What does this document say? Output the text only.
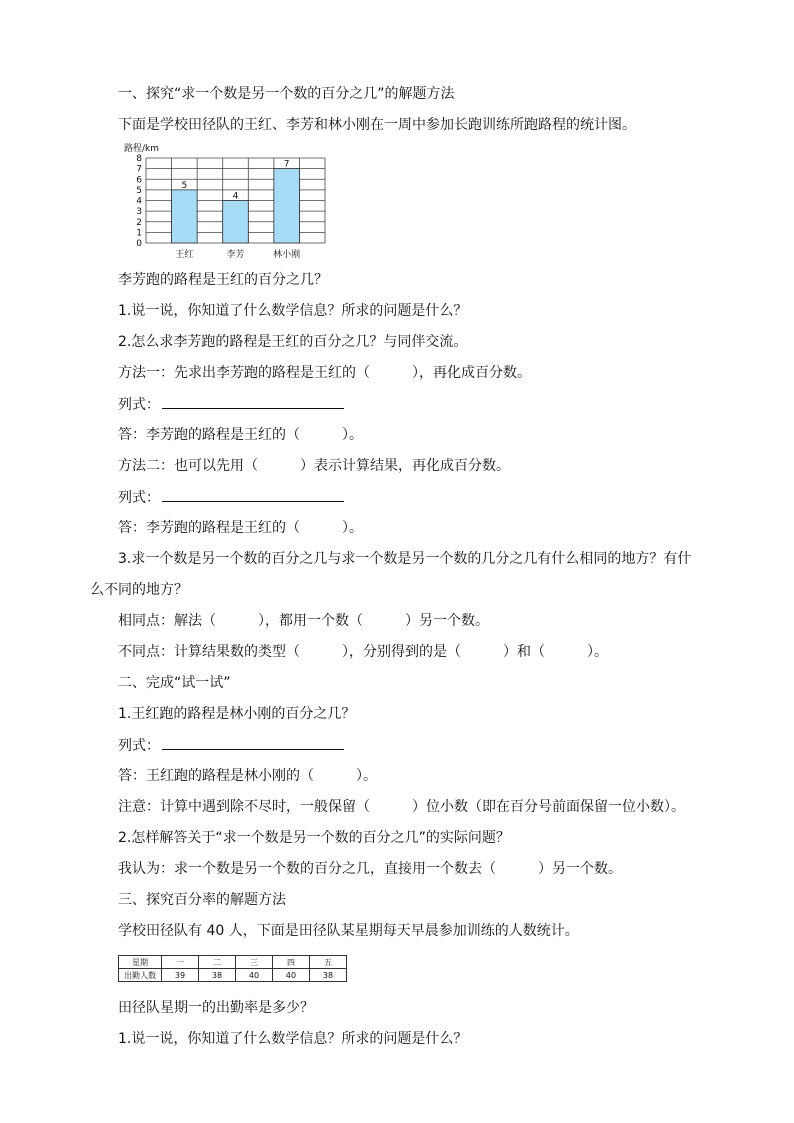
一、探究“求一个数是另一个数的百分之几”的解题方法
下面是学校田径队的王红、李芳和林小刚在一周中参加长跑训练所跑路程的统计图。
0
1
2
3
4
5
6
7
8
路程/km
5
王红
4
李芳
7
林小刚
李芳跑的路程是王红的百分之几？
1.说一说，你知道了什么数学信息？所求的问题是什么？
2.怎么求李芳跑的路程是王红的百分之几？与同伴交流。
方法一：先求出李芳跑的路程是王红的（　　　），再化成百分数。
列式：
答：李芳跑的路程是王红的（　　　）。
方法二：也可以先用（　　　）表示计算结果，再化成百分数。
列式：
答：李芳跑的路程是王红的（　　　）。
3.求一个数是另一个数的百分之几与求一个数是另一个数的几分之几有什么相同的地方？有什
么不同的地方？
相同点：解法（　　　），都用一个数（　　　）另一个数。
不同点：计算结果数的类型（　　　），分别得到的是（　　　）和（　　　）。
二、完成“试一试”
1.王红跑的路程是林小刚的百分之几？
列式：
答：王红跑的路程是林小刚的（　　　）。
注意：计算中遇到除不尽时，一般保留（　　　）位小数（即在百分号前面保留一位小数）。
2.怎样解答关于“求一个数是另一个数的百分之几”的实际问题？
我认为：求一个数是另一个数的百分之几，直接用一个数去（　　　）另一个数。
三、探究百分率的解题方法
学校田径队有 40 人，下面是田径队某星期每天早晨参加训练的人数统计。
星期	一	二	三	四	五
出勤人数	39	38	40	40	38
田径队星期一的出勤率是多少？
1.说一说，你知道了什么数学信息？所求的问题是什么？
